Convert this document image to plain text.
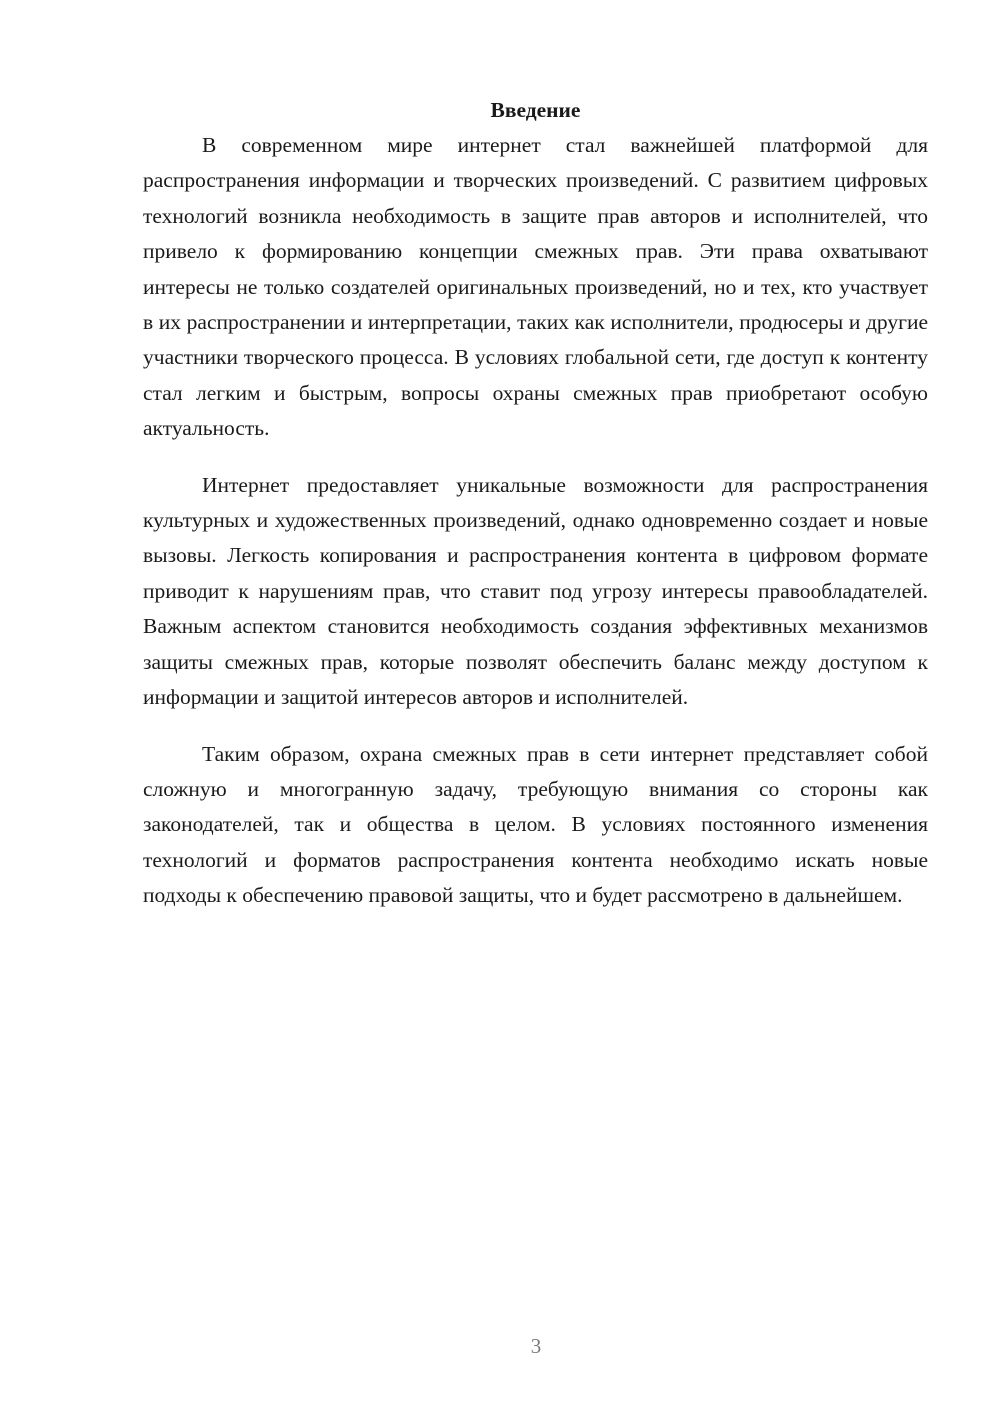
Введение

В современном мире интернет стал важнейшей платформой для распространения информации и творческих произведений. С развитием цифровых технологий возникла необходимость в защите прав авторов и исполнителей, что привело к формированию концепции смежных прав. Эти права охватывают интересы не только создателей оригинальных произведений, но и тех, кто участвует в их распространении и интерпретации, таких как исполнители, продюсеры и другие участники творческого процесса. В условиях глобальной сети, где доступ к контенту стал легким и быстрым, вопросы охраны смежных прав приобретают особую актуальность.

Интернет предоставляет уникальные возможности для распространения культурных и художественных произведений, однако одновременно создает и новые вызовы. Легкость копирования и распространения контента в цифровом формате приводит к нарушениям прав, что ставит под угрозу интересы правообладателей. Важным аспектом становится необходимость создания эффективных механизмов защиты смежных прав, которые позволят обеспечить баланс между доступом к информации и защитой интересов авторов и исполнителей.

Таким образом, охрана смежных прав в сети интернет представляет собой сложную и многогранную задачу, требующую внимания со стороны как законодателей, так и общества в целом. В условиях постоянного изменения технологий и форматов распространения контента необходимо искать новые подходы к обеспечению правовой защиты, что и будет рассмотрено в дальнейшем.

3
